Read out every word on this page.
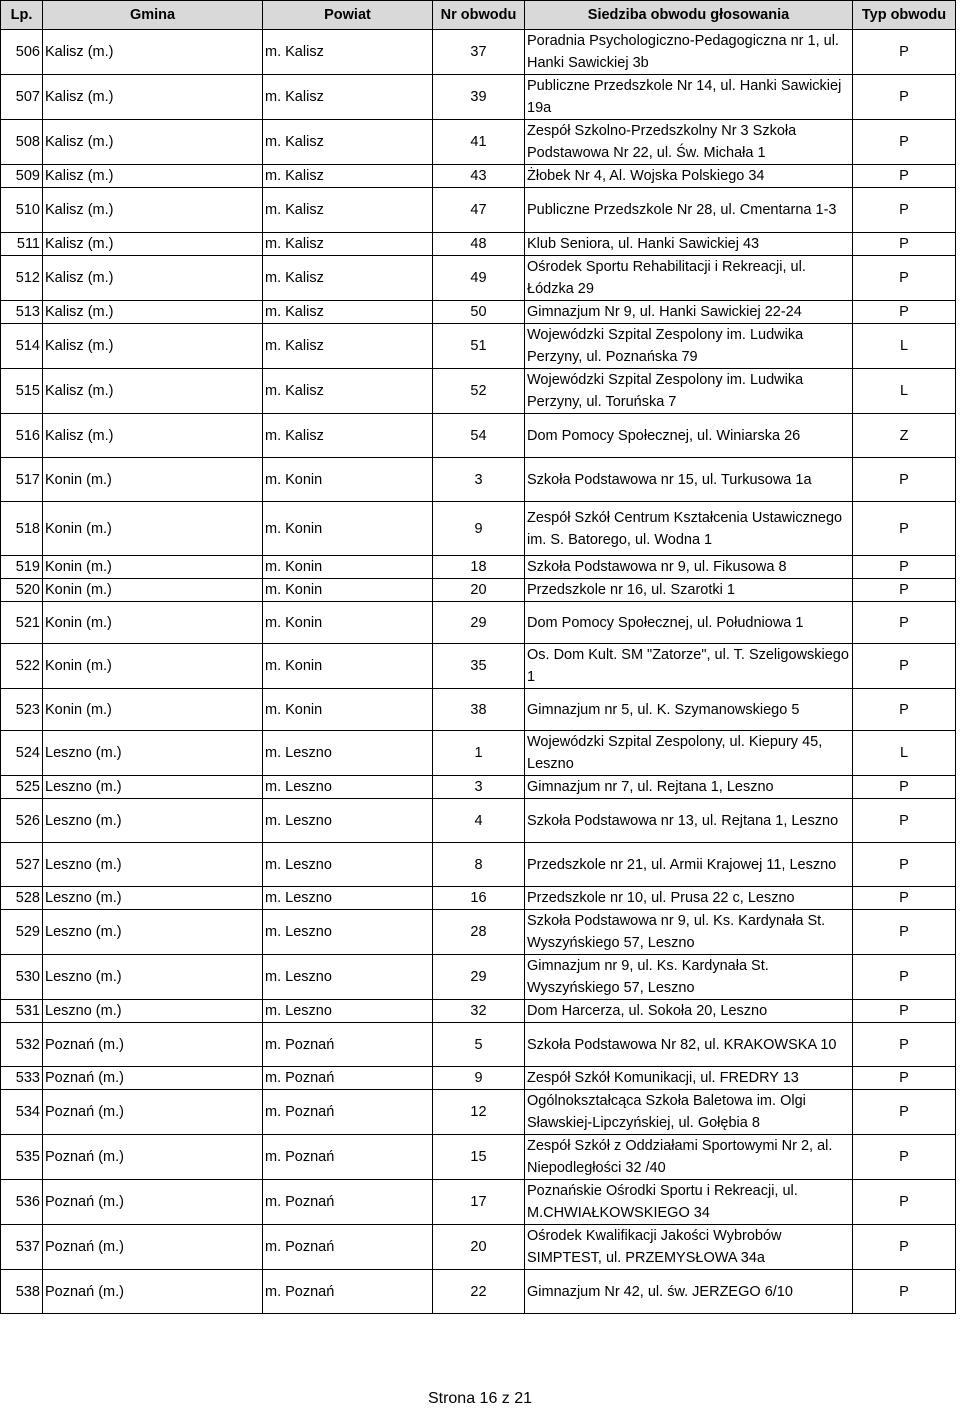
Lp.	Gmina	Powiat	Nr obwodu	Siedziba obwodu głosowania	Typ obwodu
506	Kalisz (m.)	m. Kalisz	37	Poradnia Psychologiczno-Pedagogiczna nr 1, ul. Hanki Sawickiej 3b	P
507	Kalisz (m.)	m. Kalisz	39	Publiczne Przedszkole Nr 14, ul. Hanki Sawickiej 19a	P
508	Kalisz (m.)	m. Kalisz	41	Zespół Szkolno-Przedszkolny Nr 3 Szkoła Podstawowa Nr 22, ul. Św. Michała 1	P
509	Kalisz (m.)	m. Kalisz	43	Żłobek Nr 4, Al. Wojska Polskiego 34	P
510	Kalisz (m.)	m. Kalisz	47	Publiczne Przedszkole Nr 28, ul. Cmentarna 1-3	P
511	Kalisz (m.)	m. Kalisz	48	Klub Seniora, ul. Hanki Sawickiej 43	P
512	Kalisz (m.)	m. Kalisz	49	Ośrodek Sportu Rehabilitacji i Rekreacji, ul. Łódzka 29	P
513	Kalisz (m.)	m. Kalisz	50	Gimnazjum Nr 9, ul. Hanki Sawickiej 22-24	P
514	Kalisz (m.)	m. Kalisz	51	Wojewódzki Szpital Zespolony im. Ludwika Perzyny, ul. Poznańska 79	L
515	Kalisz (m.)	m. Kalisz	52	Wojewódzki Szpital Zespolony im. Ludwika Perzyny, ul. Toruńska 7	L
516	Kalisz (m.)	m. Kalisz	54	Dom Pomocy Społecznej, ul. Winiarska 26	Z
517	Konin (m.)	m. Konin	3	Szkoła Podstawowa nr 15, ul. Turkusowa 1a	P
518	Konin (m.)	m. Konin	9	Zespół Szkół Centrum Kształcenia Ustawicznego im. S. Batorego, ul. Wodna 1	P
519	Konin (m.)	m. Konin	18	Szkoła Podstawowa nr 9, ul. Fikusowa 8	P
520	Konin (m.)	m. Konin	20	Przedszkole nr 16, ul. Szarotki 1	P
521	Konin (m.)	m. Konin	29	Dom Pomocy Społecznej, ul. Południowa 1	P
522	Konin (m.)	m. Konin	35	Os. Dom Kult. SM "Zatorze", ul. T. Szeligowskiego 1	P
523	Konin (m.)	m. Konin	38	Gimnazjum nr 5, ul. K. Szymanowskiego 5	P
524	Leszno (m.)	m. Leszno	1	Wojewódzki Szpital Zespolony, ul. Kiepury 45, Leszno	L
525	Leszno (m.)	m. Leszno	3	Gimnazjum nr 7, ul. Rejtana 1, Leszno	P
526	Leszno (m.)	m. Leszno	4	Szkoła Podstawowa nr 13, ul. Rejtana 1, Leszno	P
527	Leszno (m.)	m. Leszno	8	Przedszkole nr 21, ul. Armii Krajowej 11, Leszno	P
528	Leszno (m.)	m. Leszno	16	Przedszkole nr 10, ul. Prusa 22 c, Leszno	P
529	Leszno (m.)	m. Leszno	28	Szkoła Podstawowa nr 9, ul. Ks. Kardynała St. Wyszyńskiego 57, Leszno	P
530	Leszno (m.)	m. Leszno	29	Gimnazjum nr 9, ul. Ks. Kardynała St. Wyszyńskiego 57, Leszno	P
531	Leszno (m.)	m. Leszno	32	Dom Harcerza, ul. Sokoła 20, Leszno	P
532	Poznań (m.)	m. Poznań	5	Szkoła Podstawowa Nr 82, ul. KRAKOWSKA 10	P
533	Poznań (m.)	m. Poznań	9	Zespół Szkół Komunikacji, ul. FREDRY 13	P
534	Poznań (m.)	m. Poznań	12	Ogólnokształcąca Szkoła Baletowa im. Olgi Sławskiej-Lipczyńskiej, ul. Gołębia 8	P
535	Poznań (m.)	m. Poznań	15	Zespół Szkół z Oddziałami Sportowymi Nr 2, al. Niepodległości 32 /40	P
536	Poznań (m.)	m. Poznań	17	Poznańskie Ośrodki Sportu i Rekreacji, ul. M.CHWIAŁKOWSKIEGO 34	P
537	Poznań (m.)	m. Poznań	20	Ośrodek Kwalifikacji Jakości Wybrobów SIMPTEST, ul. PRZEMYSŁOWA 34a	P
538	Poznań (m.)	m. Poznań	22	Gimnazjum Nr 42, ul. św. JERZEGO 6/10	P
Strona 16 z 21
